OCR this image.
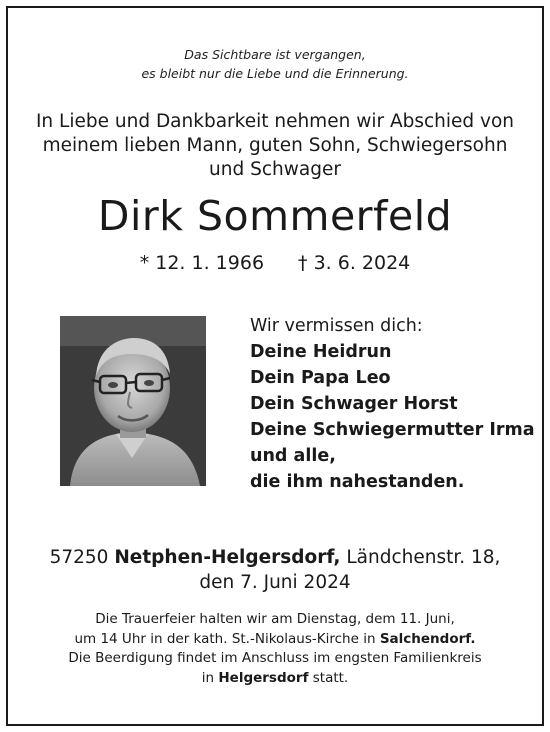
Das Sichtbare ist vergangen,
es bleibt nur die Liebe und die Erinnerung.
In Liebe und Dankbarkeit nehmen wir Abschied von
meinem lieben Mann, guten Sohn, Schwiegersohn
und Schwager
Dirk Sommerfeld
* 12. 1. 1966 † 3. 6. 2024
Wir vermissen dich:
Deine Heidrun
Dein Papa Leo
Dein Schwager Horst
Deine Schwiegermutter Irma
und alle,
die ihm nahestanden.
57250 Netphen-Helgersdorf, Ländchenstr. 18,
den 7. Juni 2024
Die Trauerfeier halten wir am Dienstag, dem 11. Juni,
um 14 Uhr in der kath. St.-Nikolaus-Kirche in Salchendorf.
Die Beerdigung findet im Anschluss im engsten Familienkreis
in Helgersdorf statt.
